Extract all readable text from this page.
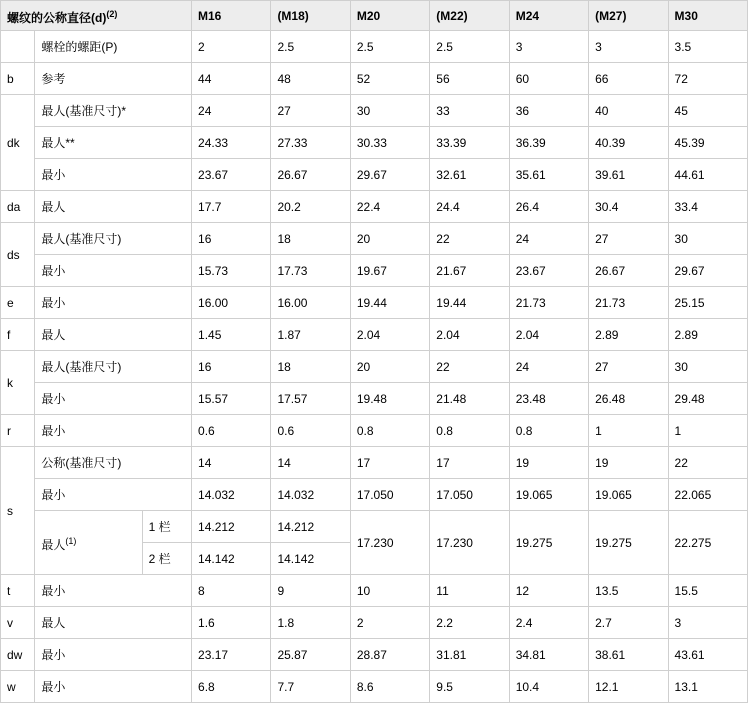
螺纹的公称直径$(d)^{(2)}$			M16	(M18)	M20	(M22)	M24	(M27)	M30
	螺栓的螺距(P)		2	2.5	2.5	2.5	3	3	3.5
b	参考		44	48	52	56	60	66	72
dk	最人(基准尺寸)*		24	27	30	33	36	40	45
	最人**		24.33	27.33	30.33	33.39	36.39	40.39	45.39
	最小		23.67	26.67	29.67	32.61	35.61	39.61	44.61
da	最人		17.7	20.2	22.4	24.4	26.4	30.4	33.4
ds	最人(基准尺寸)		16	18	20	22	24	27	30
	最小		15.73	17.73	19.67	21.67	23.67	26.67	29.67
e	最小		16.00	16.00	19.44	19.44	21.73	21.73	25.15
f	最人		1.45	1.87	2.04	2.04	2.04	2.89	2.89
k	最人(基准尺寸)		16	18	20	22	24	27	30
	最小		15.57	17.57	19.48	21.48	23.48	26.48	29.48
r	最小		0.6	0.6	0.8	0.8	0.8	1	1
s	公称(基准尺寸)		14	14	17	17	19	19	22
	最小		14.032	14.032	17.050	17.050	19.065	19.065	22.065
	最人$^{(1)}$	1 栏	14.212	14.212	17.230	17.230	19.275	19.275	22.275
		2 栏	14.142	14.142					
t	最小		8	9	10	11	12	13.5	15.5
v	最人		1.6	1.8	2	2.2	2.4	2.7	3
dw	最小		23.17	25.87	28.87	31.81	34.81	38.61	43.61
w	最小		6.8	7.7	8.6	9.5	10.4	12.1	13.1
